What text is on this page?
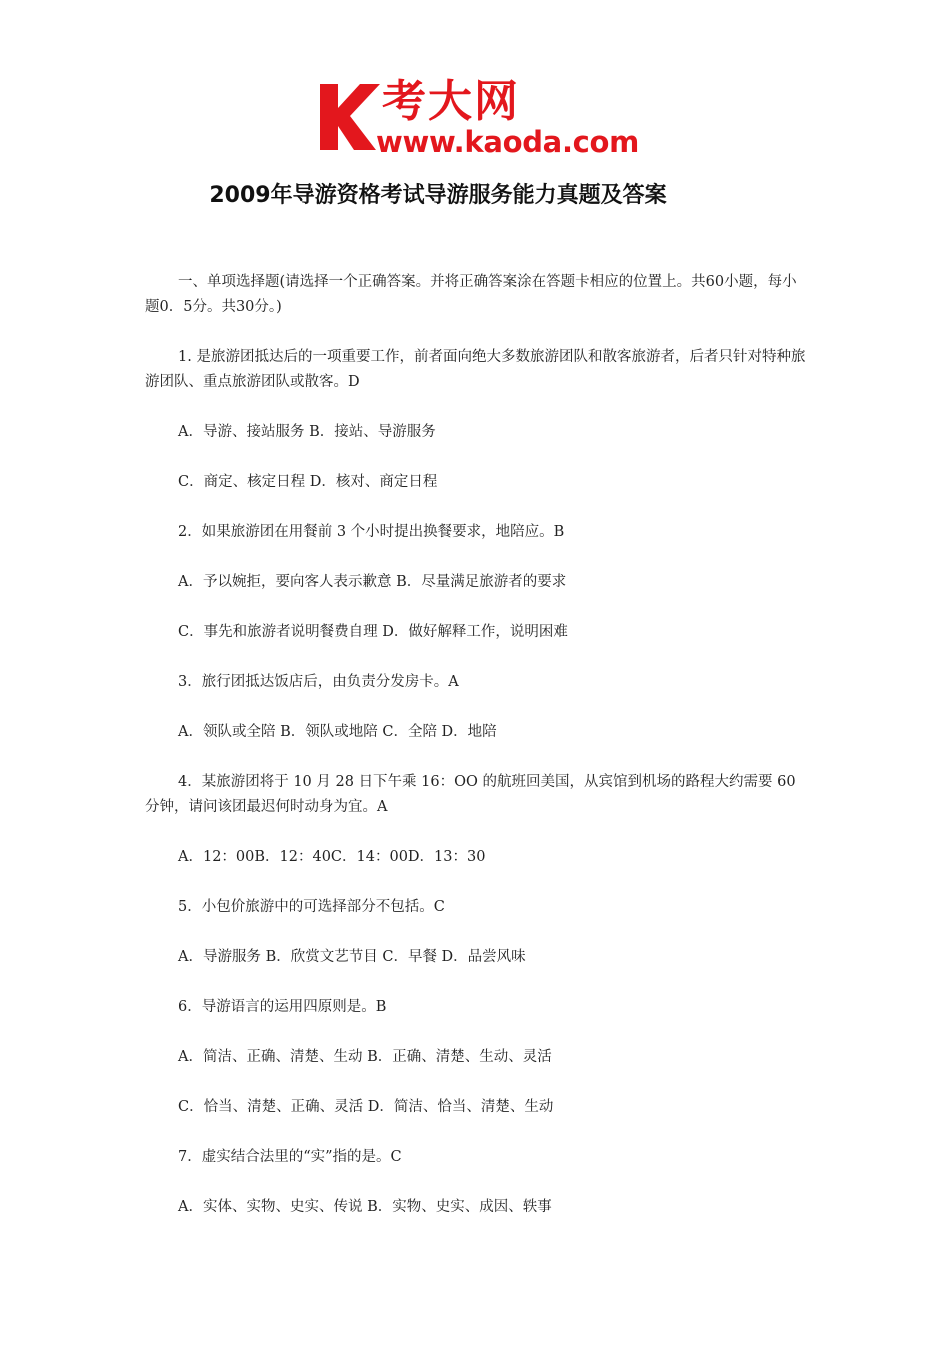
考大网
www.kaoda.com
2009年导游资格考试导游服务能力真题及答案

一、单项选择题(请选择一个正确答案。并将正确答案涂在答题卡相应的位置上。共60小题，每小题0．5分。共30分。)

1. 是旅游团抵达后的一项重要工作，前者面向绝大多数旅游团队和散客旅游者，后者只针对特种旅游团队、重点旅游团队或散客。D

A．导游、接站服务 B．接站、导游服务

C．商定、核定日程 D．核对、商定日程

2．如果旅游团在用餐前 3 个小时提出换餐要求，地陪应。B

A．予以婉拒，要向客人表示歉意 B．尽量满足旅游者的要求

C．事先和旅游者说明餐费自理 D．做好解释工作，说明困难

3．旅行团抵达饭店后，由负责分发房卡。A

A．领队或全陪 B．领队或地陪 C．全陪 D．地陪

4．某旅游团将于 10 月 28 日下午乘 16：OO 的航班回美国，从宾馆到机场的路程大约需要 60 分钟，请问该团最迟何时动身为宜。A

A．12：00B．12：40C．14：00D．13：30

5．小包价旅游中的可选择部分不包括。C

A．导游服务 B．欣赏文艺节目 C．早餐 D．品尝风味

6．导游语言的运用四原则是。B

A．简洁、正确、清楚、生动 B．正确、清楚、生动、灵活

C．恰当、清楚、正确、灵活 D．简洁、恰当、清楚、生动

7．虚实结合法里的“实”指的是。C

A．实体、实物、史实、传说 B．实物、史实、成因、轶事
